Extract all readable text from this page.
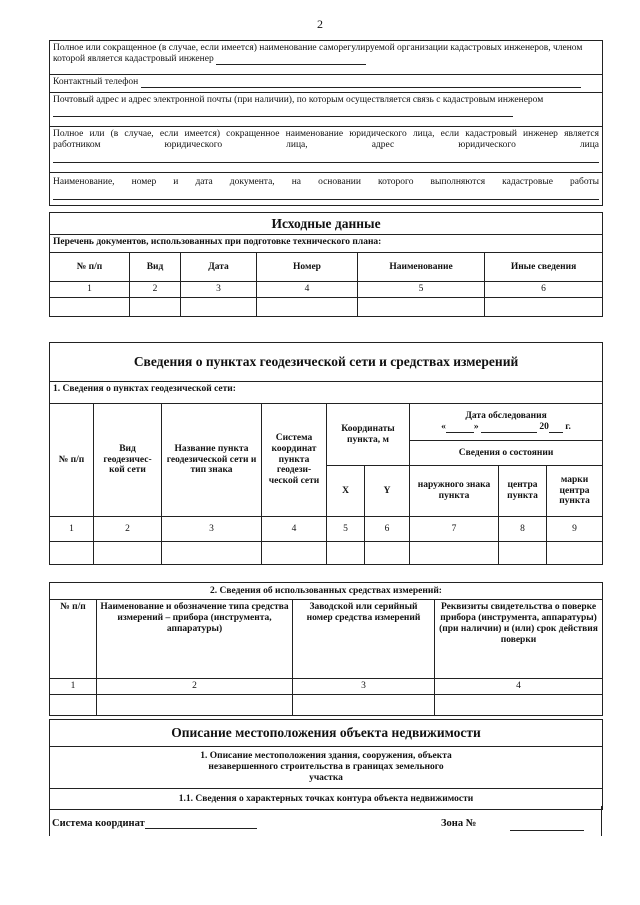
2
Полное или сокращенное (в случае, если имеется) наименование саморегулируемой организации кадастровых инженеров, членом которой является кадастровый инженер
Контактный телефон
Почтовый адрес и адрес электронной почты (при наличии), по которым осуществляется связь с кадастровым инженером

Полное или (в случае, если имеется) сокращенное наименование юридического лица, если кадастровый инженер является работником юридического лица, адрес юридического лица

Наименование, номер и дата документа, на основании которого выполняются кадастровые работы
Исходные данные					
Перечень документов, использованных при подготовке технического плана:					
№ п/п	Вид	Дата	Номер	Наименование	Иные сведения
1	2	3	4	5	6

Сведения о пунктах геодезической сети и средствах измерений								
1. Сведения о пунктах геодезической сети:								
№ п/п	Вид геодезичес-кой сети	Название пункта геодезической сети и тип знака	Система координат пункта геодези-ческой сети	Координаты пункта, м		Дата обследования
« » 20 г.		

						Сведения о состоянии		
				X	Y	наружного знака пункта	центра пункта	марки центра пункта
1	2	3	4	5	6	7	8	9

2. Сведения об использованных средствах измерений:			
№ п/п	Наименование и обозначение типа средства измерений – прибора (инструмента, аппаратуры)	Заводской или серийный номер средства измерений	Реквизиты свидетельства о поверке прибора (инструмента, аппаратуры) (при наличии) и (или) срок действия поверки
1	2	3	4

Описание местоположения объекта недвижимости
1. Описание местоположения здания, сооружения, объекта незавершенного строительства в границах земельного участка
1.1. Сведения о характерных точках контура объекта недвижимости
Система координат	Зона №
